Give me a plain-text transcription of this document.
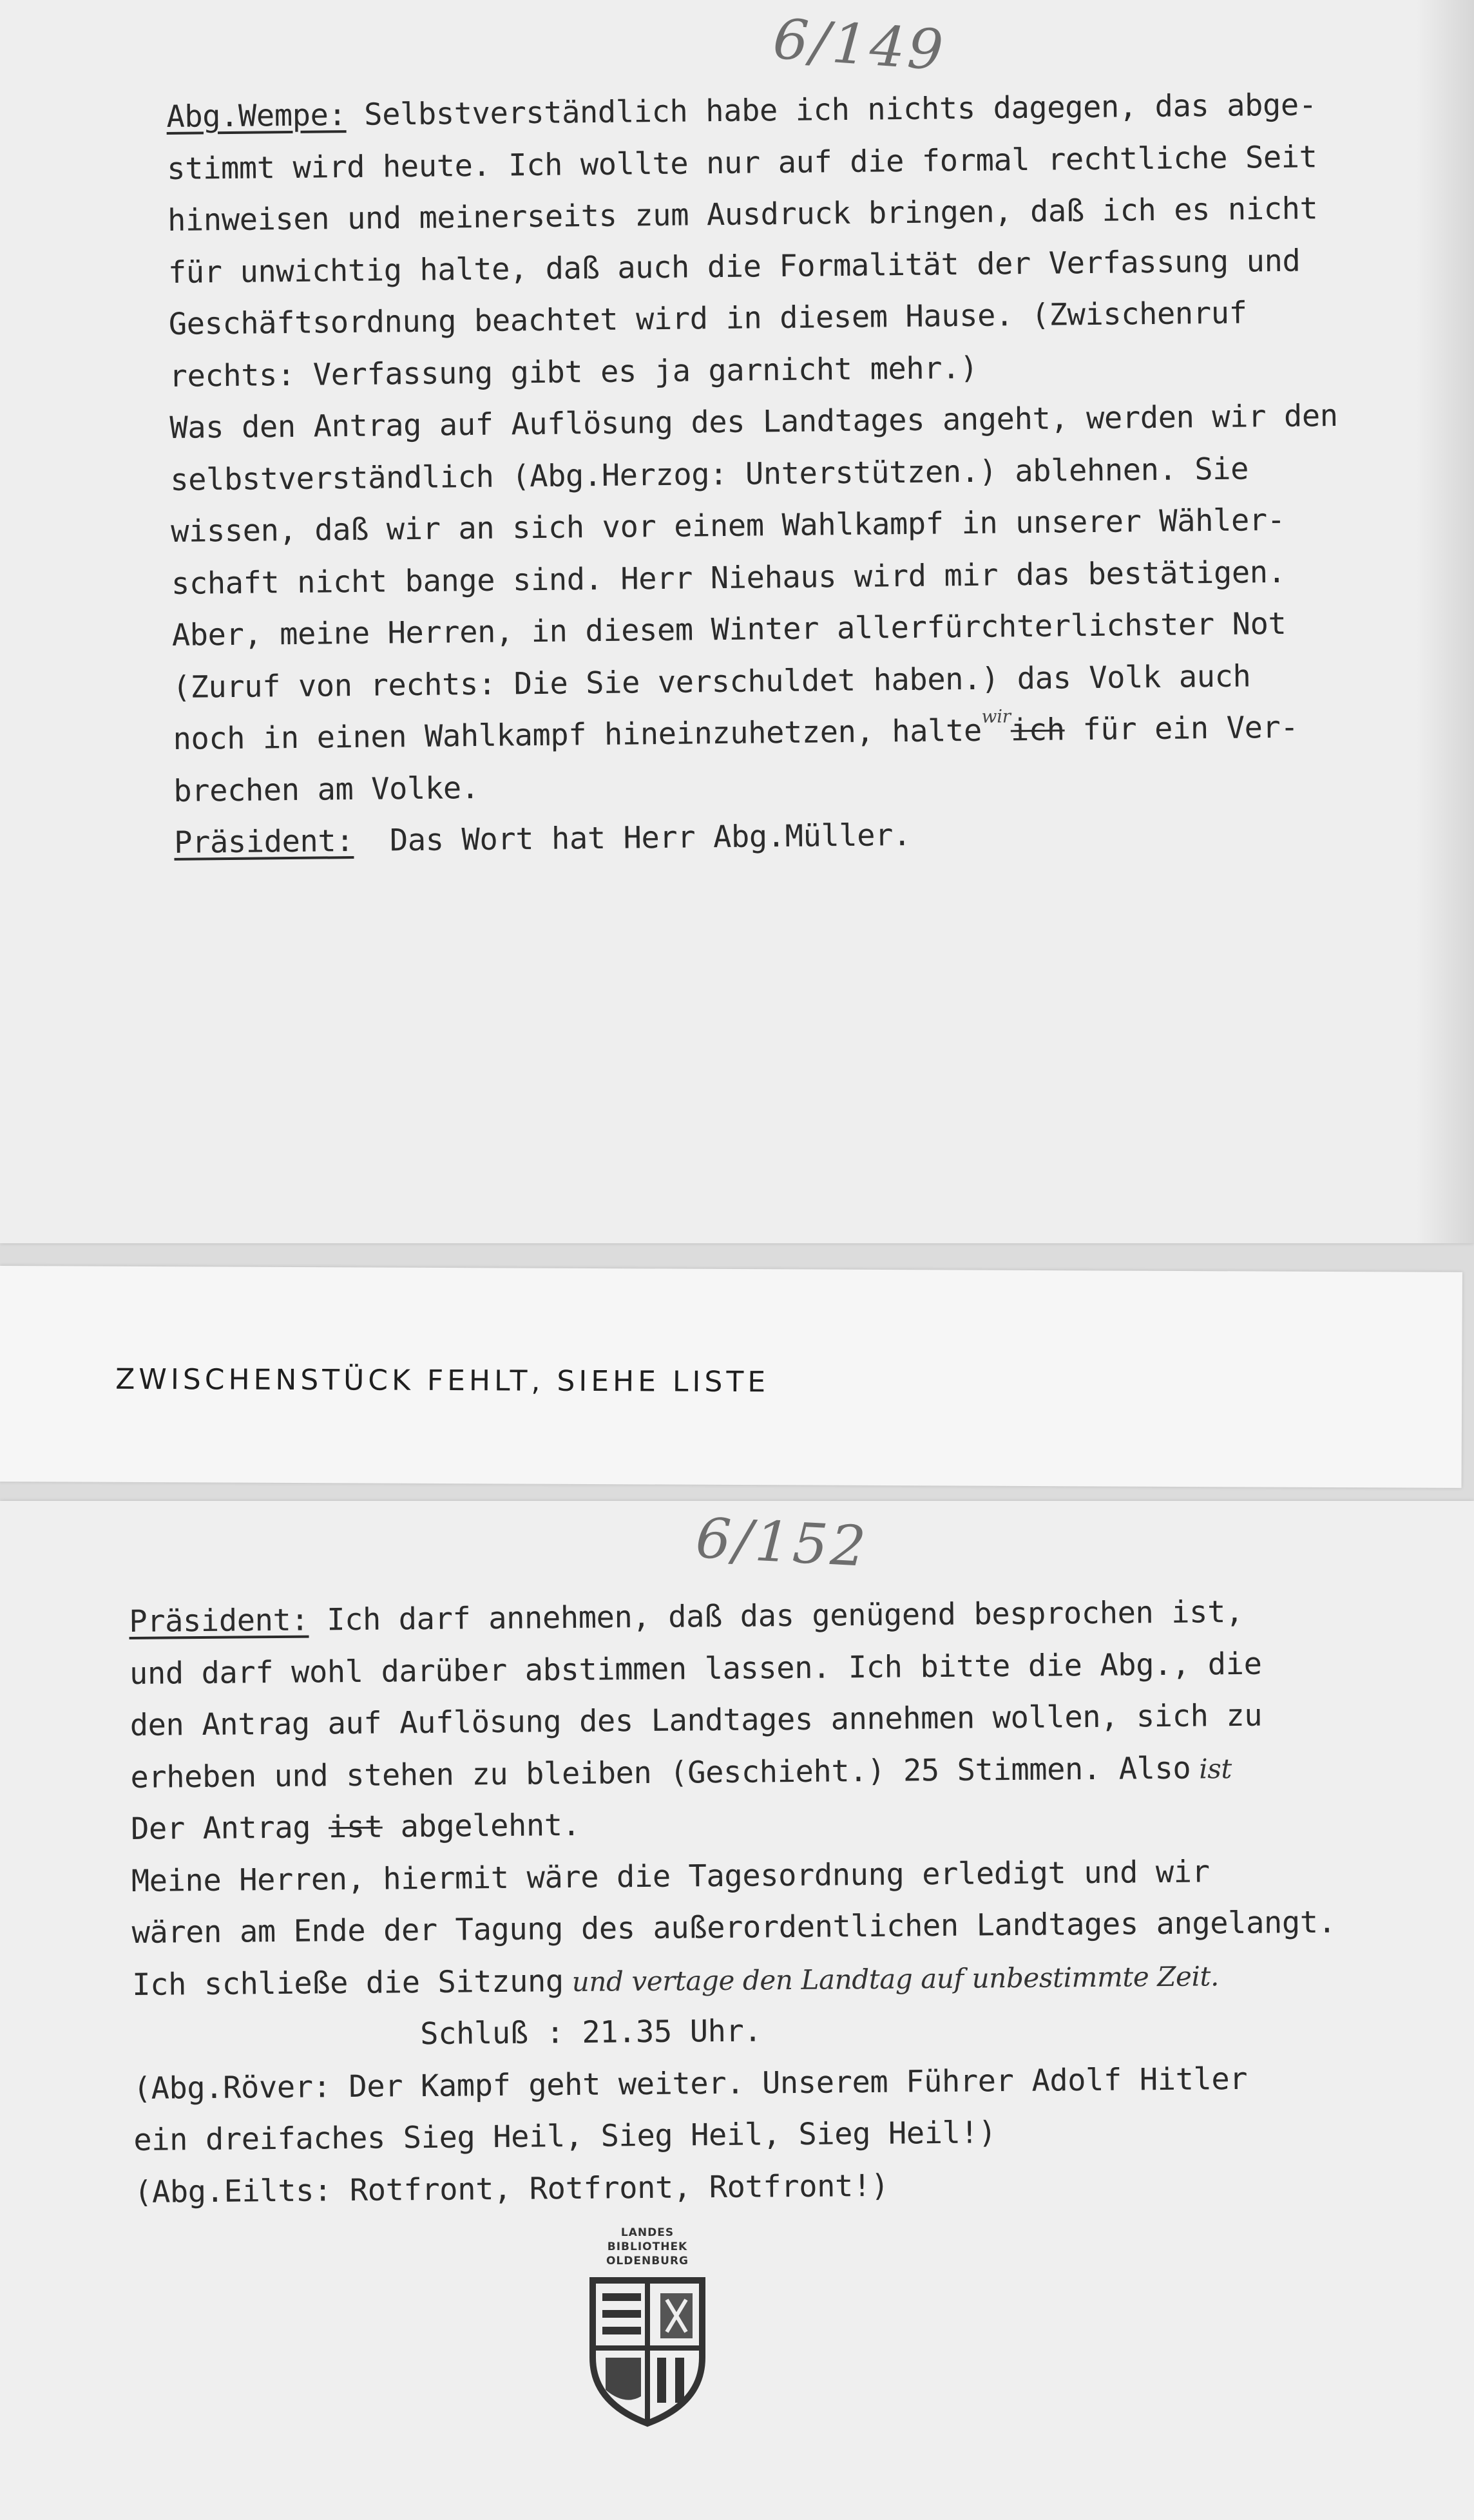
ZWISCHENSTÜCK FEHLT, SIEHE LISTE
6/149
6/152
Abg.Wempe: Selbstverständlich habe ich nichts dagegen, das abge-
stimmt wird heute. Ich wollte nur auf die formal rechtliche Seit
hinweisen und meinerseits zum Ausdruck bringen, daß ich es nicht
für unwichtig halte, daß auch die Formalität der Verfassung und
Geschäftsordnung beachtet wird in diesem Hause. (Zwischenruf
rechts: Verfassung gibt es ja garnicht mehr.)
Was den Antrag auf Auflösung des Landtages angeht, werden wir den
selbstverständlich (Abg.Herzog: Unterstützen.) ablehnen. Sie
wissen, daß wir an sich vor einem Wahlkampf in unserer Wähler-
schaft nicht bange sind. Herr Niehaus wird mir das bestätigen.
Aber, meine Herren, in diesem Winter allerfürchterlichster Not
(Zuruf von rechts: Die Sie verschuldet haben.) das Volk auch
noch in einen Wahlkampf hineinzuhetzen, halte$^{wir}$ich für ein Ver-
brechen am Volke.
Präsident:  Das Wort hat Herr Abg.Müller.
Präsident: Ich darf annehmen, daß das genügend besprochen ist,
und darf wohl darüber abstimmen lassen. Ich bitte die Abg., die
den Antrag auf Auflösung des Landtages annehmen wollen, sich zu
erheben und stehen zu bleiben (Geschieht.) 25 Stimmen. Also ist
Der Antrag ist abgelehnt.
Meine Herren, hiermit wäre die Tagesordnung erledigt und wir
wären am Ende der Tagung des außerordentlichen Landtages angelangt.
Ich schließe die Sitzung und vertage den Landtag auf unbestimmte Zeit.
Schluß : 21.35 Uhr.
(Abg.Röver: Der Kampf geht weiter. Unserem Führer Adolf Hitler
ein dreifaches Sieg Heil, Sieg Heil, Sieg Heil!)
(Abg.Eilts: Rotfront, Rotfront, Rotfront!)
LANDES
BIBLIOTHEK
OLDENBURG
